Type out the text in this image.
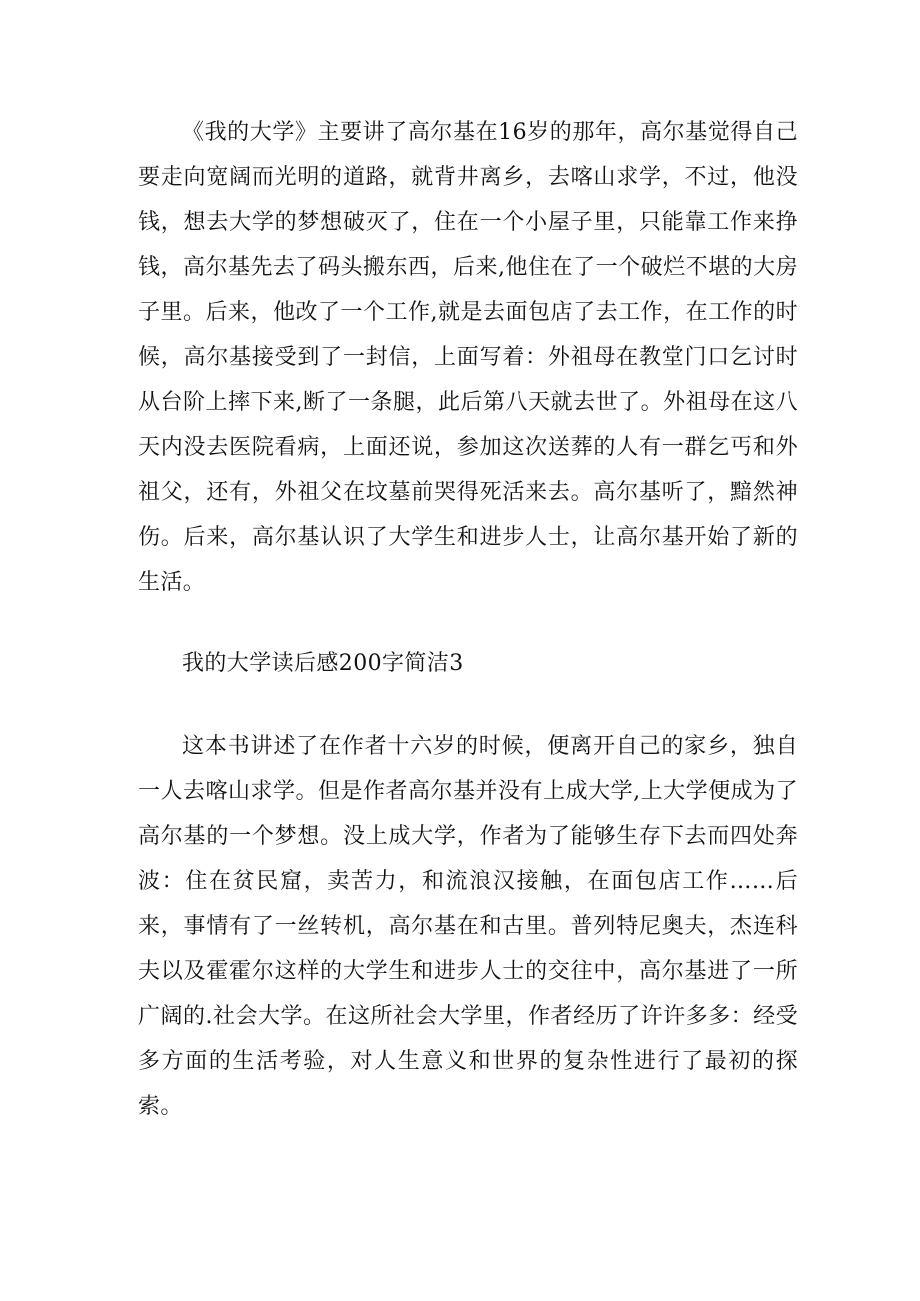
《我的大学》主要讲了高尔基在16岁的那年，高尔基觉得自己要走向宽阔而光明的道路，就背井离乡，去喀山求学，不过，他没钱，想去大学的梦想破灭了，住在一个小屋子里，只能靠工作来挣钱，高尔基先去了码头搬东西，后来,他住在了一个破烂不堪的大房子里。后来，他改了一个工作,就是去面包店了去工作，在工作的时候，高尔基接受到了一封信，上面写着：外祖母在教堂门口乞讨时从台阶上摔下来,断了一条腿，此后第八天就去世了。外祖母在这八天内没去医院看病，上面还说，参加这次送葬的人有一群乞丐和外祖父，还有，外祖父在坟墓前哭得死活来去。高尔基听了，黯然神伤。后来，高尔基认识了大学生和进步人士，让高尔基开始了新的生活。

我的大学读后感200字简洁3

这本书讲述了在作者十六岁的时候，便离开自己的家乡，独自一人去喀山求学。但是作者高尔基并没有上成大学,上大学便成为了高尔基的一个梦想。没上成大学，作者为了能够生存下去而四处奔波：住在贫民窟，卖苦力，和流浪汉接触，在面包店工作……后来，事情有了一丝转机，高尔基在和古里。普列特尼奥夫，杰连科夫以及霍霍尔这样的大学生和进步人士的交往中，高尔基进了一所广阔的.社会大学。在这所社会大学里，作者经历了许许多多：经受多方面的生活考验，对人生意义和世界的复杂性进行了最初的探索。
